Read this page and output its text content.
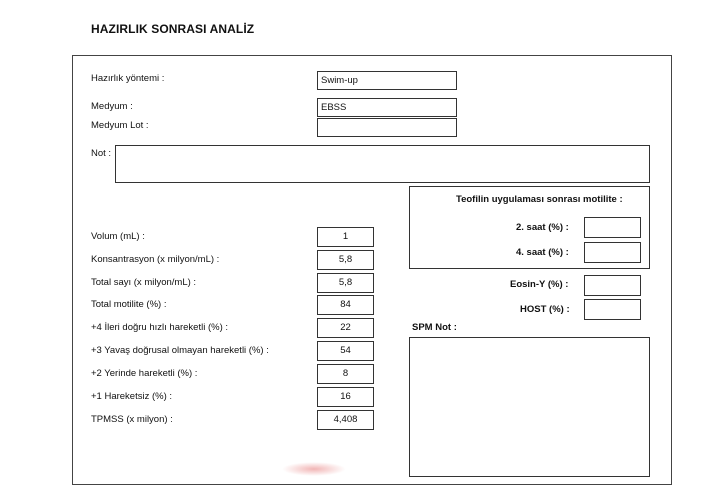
HAZIRLIK SONRASI ANALİZ
Hazırlık yöntemi :	Swim-up
Medyum :	EBSS
Medyum Lot :
Not :
Teofilin uygulaması sonrası motilite :
2. saat (%) :
4. saat (%) :
Eosin-Y (%) :
HOST (%) :
SPM Not :
Volum (mL) :	1
Konsantrasyon (x milyon/mL) :	5,8
Total sayı (x milyon/mL) :	5,8
Total motilite (%) :	84
+4 İleri doğru hızlı hareketli (%) :	22
+3 Yavaş doğrusal olmayan hareketli (%) :	54
+2 Yerinde hareketli (%) :	8
+1 Hareketsiz (%) :	16
TPMSS (x milyon) :	4,408
